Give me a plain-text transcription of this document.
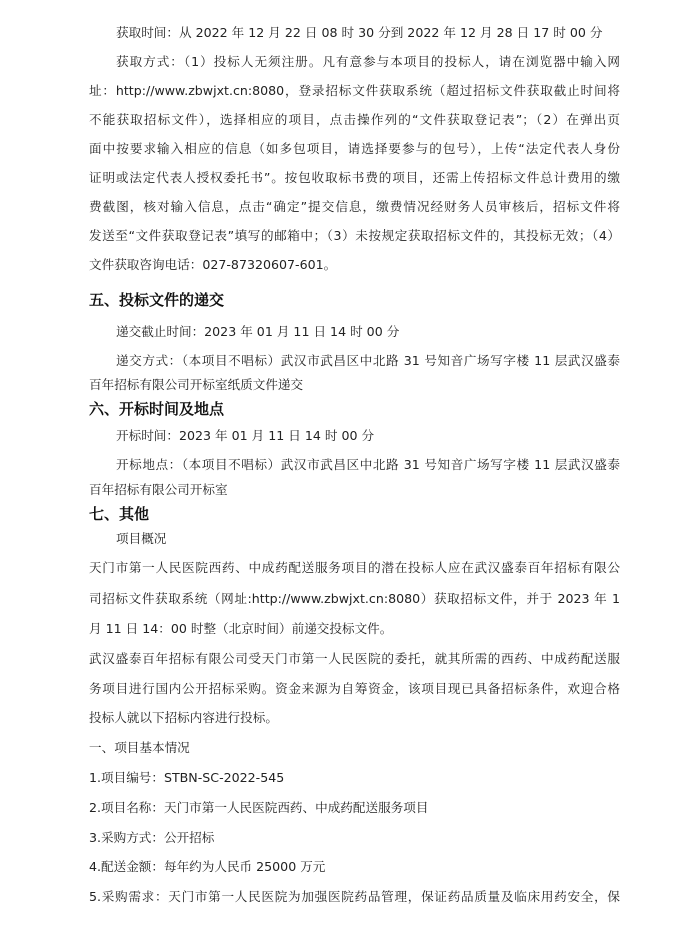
获取时间：从 2022 年 12 月 22 日 08 时 30 分到 2022 年 12 月 28 日 17 时 00 分
获取方式：（1）投标人无须注册。凡有意参与本项目的投标人，请在浏览器中输入网
址：http://www.zbwjxt.cn:8080，登录招标文件获取系统（超过招标文件获取截止时间将
不能获取招标文件），选择相应的项目，点击操作列的“文件获取登记表”；（2）在弹出页
面中按要求输入相应的信息（如多包项目，请选择要参与的包号），上传“法定代表人身份
证明或法定代表人授权委托书”。按包收取标书费的项目，还需上传招标文件总计费用的缴
费截图，核对输入信息，点击“确定”提交信息，缴费情况经财务人员审核后，招标文件将
发送至“文件获取登记表”填写的邮箱中；（3）未按规定获取招标文件的，其投标无效；（4）
文件获取咨询电话：027-87320607-601。
五、投标文件的递交
递交截止时间：2023 年 01 月 11 日 14 时 00 分
递交方式：（本项目不唱标）武汉市武昌区中北路 31 号知音广场写字楼 11 层武汉盛泰
百年招标有限公司开标室纸质文件递交
六、开标时间及地点
开标时间：2023 年 01 月 11 日 14 时 00 分
开标地点：（本项目不唱标）武汉市武昌区中北路 31 号知音广场写字楼 11 层武汉盛泰
百年招标有限公司开标室
七、其他
项目概况
天门市第一人民医院西药、中成药配送服务项目的潜在投标人应在武汉盛泰百年招标有限公
司招标文件获取系统（网址:http://www.zbwjxt.cn:8080）获取招标文件，并于 2023 年 1
月 11 日 14：00 时整（北京时间）前递交投标文件。
武汉盛泰百年招标有限公司受天门市第一人民医院的委托，就其所需的西药、中成药配送服
务项目进行国内公开招标采购。资金来源为自筹资金，该项目现已具备招标条件，欢迎合格
投标人就以下招标内容进行投标。
一、项目基本情况
1.项目编号：STBN-SC-2022-545
2.项目名称：天门市第一人民医院西药、中成药配送服务项目
3.采购方式：公开招标
4.配送金额：每年约为人民币 25000 万元
5.采购需求：天门市第一人民医院为加强医院药品管理，保证药品质量及临床用药安全，保
